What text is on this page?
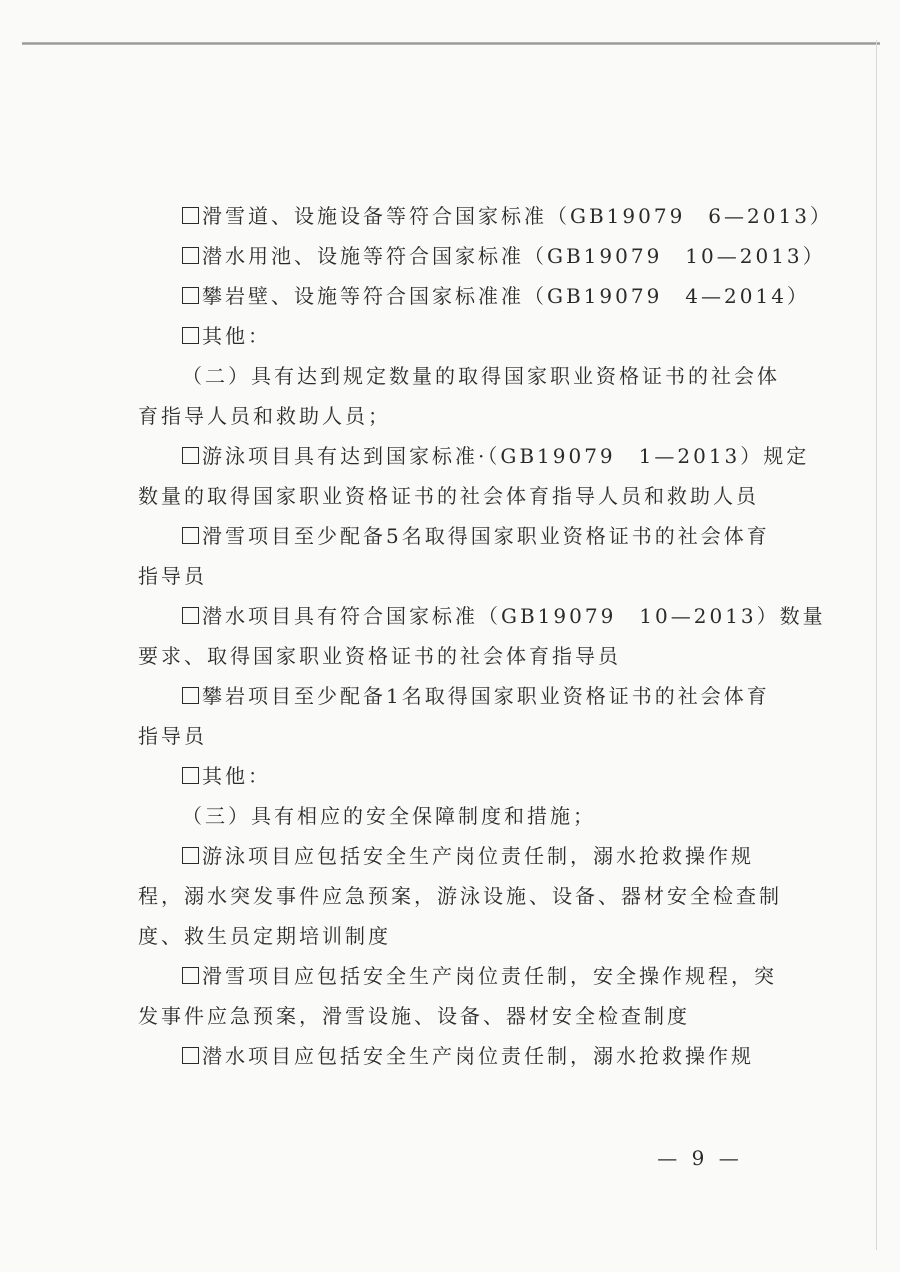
滑雪道、设施设备等符合国家标准（GB19079　6—2013）
潜水用池、设施等符合国家标准（GB19079　10—2013）
攀岩壁、设施等符合国家标准准（GB19079　4—2014）
其他：
（二）具有达到规定数量的取得国家职业资格证书的社会体
育指导人员和救助人员；
游泳项目具有达到国家标准·（GB19079　1—2013）规定
数量的取得国家职业资格证书的社会体育指导人员和救助人员
滑雪项目至少配备5名取得国家职业资格证书的社会体育
指导员
潜水项目具有符合国家标准（GB19079　10—2013）数量
要求、取得国家职业资格证书的社会体育指导员
攀岩项目至少配备1名取得国家职业资格证书的社会体育
指导员
其他：
（三）具有相应的安全保障制度和措施；
游泳项目应包括安全生产岗位责任制，溺水抢救操作规
程，溺水突发事件应急预案，游泳设施、设备、器材安全检查制
度、救生员定期培训制度
滑雪项目应包括安全生产岗位责任制，安全操作规程，突
发事件应急预案，滑雪设施、设备、器材安全检查制度
潜水项目应包括安全生产岗位责任制，溺水抢救操作规
— 9 —
